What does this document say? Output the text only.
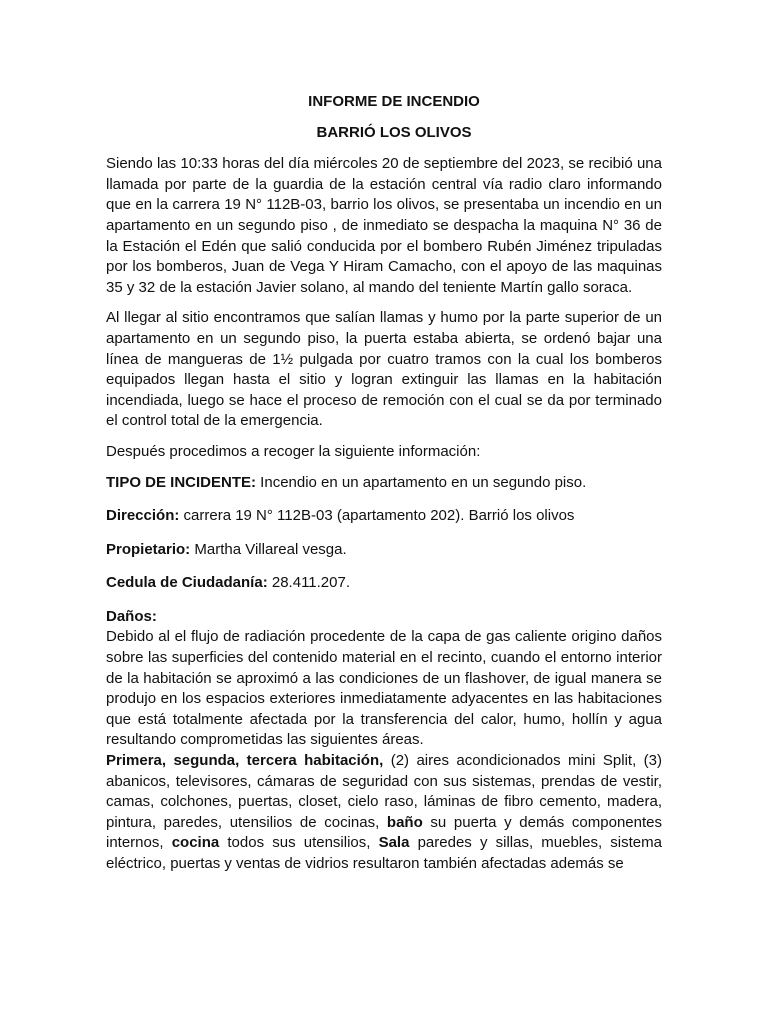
INFORME DE INCENDIO
BARRIÓ LOS OLIVOS

Siendo las 10:33 horas del día miércoles 20 de septiembre del 2023, se recibió una llamada por parte de la guardia de la estación central vía radio claro informando que en la carrera 19 N° 112B-03, barrio los olivos, se presentaba un incendio en un apartamento en un segundo piso , de inmediato se despacha la maquina N° 36 de la Estación el Edén que salió conducida por el bombero Rubén Jiménez tripuladas por los bomberos, Juan de Vega Y Hiram Camacho, con el apoyo de las maquinas 35 y 32 de la estación Javier solano, al mando del teniente Martín gallo soraca.

Al llegar al sitio encontramos que salían llamas y humo por la parte superior de un apartamento en un segundo piso, la puerta estaba abierta, se ordenó bajar una línea de mangueras de 1½ pulgada por cuatro tramos con la cual los bomberos equipados llegan hasta el sitio y logran extinguir las llamas en la habitación incendiada, luego se hace el proceso de remoción con el cual se da por terminado el control total de la emergencia.

Después procedimos a recoger la siguiente información:

TIPO DE INCIDENTE: Incendio en un apartamento en un segundo piso.
Dirección: carrera 19 N° 112B-03 (apartamento 202). Barrió los olivos
Propietario: Martha Villareal vesga.
Cedula de Ciudadanía: 28.411.207.
Daños:

Debido al el flujo de radiación procedente de la capa de gas caliente origino daños sobre las superficies del contenido material en el recinto, cuando el entorno interior de la habitación se aproximó a las condiciones de un flashover, de igual manera se produjo en los espacios exteriores inmediatamente adyacentes en las habitaciones que está totalmente afectada por la transferencia del calor, humo, hollín y agua resultando comprometidas las siguientes áreas.

Primera, segunda, tercera habitación, (2) aires acondicionados mini Split, (3) abanicos, televisores, cámaras de seguridad con sus sistemas, prendas de vestir, camas, colchones, puertas, closet, cielo raso, láminas de fibro cemento, madera, pintura, paredes, utensilios de cocinas, baño su puerta y demás componentes internos, cocina todos sus utensilios, Sala paredes y sillas, muebles, sistema eléctrico, puertas y ventas de vidrios resultaron también afectadas además se
